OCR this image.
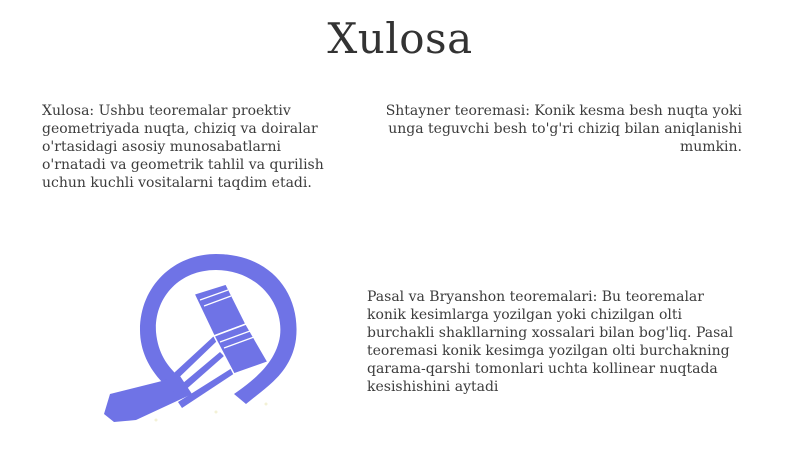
Xulosa
Xulosa: Ushbu teoremalar proektiv geometriyada nuqta, chiziq va doiralar o'rtasidagi asosiy munosabatlarni o'rnatadi va geometrik tahlil va qurilish uchun kuchli vositalarni taqdim etadi.
Shtayner teoremasi: Konik kesma besh nuqta yoki unga teguvchi besh to'g'ri chiziq bilan aniqlanishi mumkin.
Pasal va Bryanshon teoremalari: Bu teoremalar konik kesimlarga yozilgan yoki chizilgan olti burchakli shakllarning xossalari bilan bog'liq. Pasal teoremasi konik kesimga yozilgan olti burchakning qarama-qarshi tomonlari uchta kollinear nuqtada kesishishini aytadi
